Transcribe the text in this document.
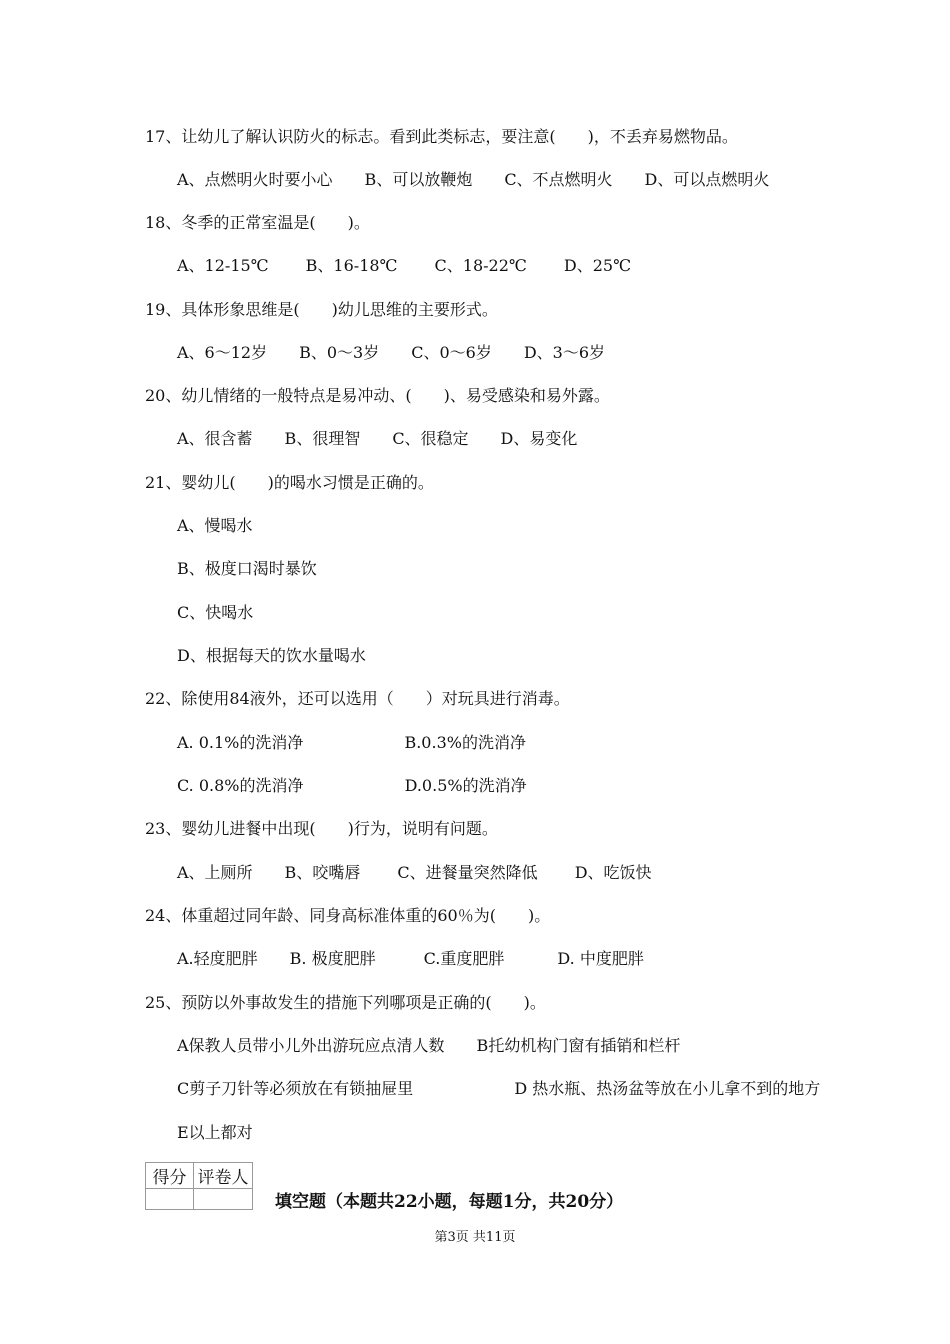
17、让幼儿了解认识防火的标志。看到此类标志，要注意(　　)，不丢弃易燃物品。
A、点燃明火时要小心　　B、可以放鞭炮　　C、不点燃明火　　D、可以点燃明火
18、冬季的正常室温是(　　)。
A、12-15℃　　 B、16-18℃　　 C、18-22℃　　 D、25℃
19、具体形象思维是(　　)幼儿思维的主要形式。
A、6～12岁　　B、0～3岁　　C、0～6岁　　D、3～6岁
20、幼儿情绪的一般特点是易冲动、(　　)、易受感染和易外露。
A、很含蓄　　B、很理智　　C、很稳定　　D、易变化
21、婴幼儿(　　)的喝水习惯是正确的。
A、慢喝水
B、极度口渴时暴饮
C、快喝水
D、根据每天的饮水量喝水
22、除使用84液外，还可以选用（　　）对玩具进行消毒。
A. 0.1%的洗消净　　　　　　 B.0.3%的洗消净
C. 0.8%的洗消净　　　　　　 D.0.5%的洗消净
23、婴幼儿进餐中出现(　　)行为，说明有问题。
A、上厕所　　B、咬嘴唇　　 C、进餐量突然降低　　 D、吃饭快
24、体重超过同年龄、同身高标准体重的60％为(　　)。
A.轻度肥胖　　B. 极度肥胖　　　C.重度肥胖　　　 D. 中度肥胖
25、预防以外事故发生的措施下列哪项是正确的(　　)。
A保教人员带小儿外出游玩应点清人数　　B托幼机构门窗有插销和栏杆
C剪子刀针等必须放在有锁抽屉里　　　　　　 D 热水瓶、热汤盆等放在小儿拿不到的地方
E以上都对
得分	评卷人

填空题（本题共22小题，每题1分，共20分）
第3页 共11页
